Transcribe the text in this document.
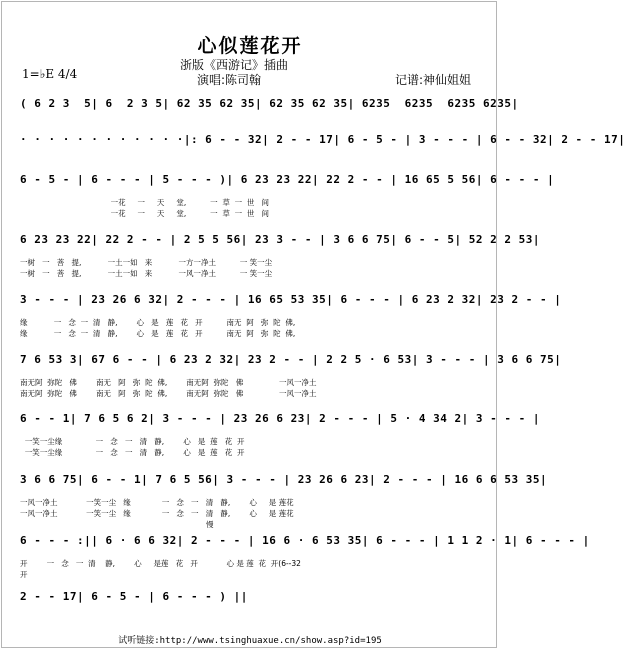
心似莲花开
浙版《西游记》插曲
1=♭E 4/4	演唱:陈司翰	记谱:神仙姐姐
( 6 2 3  5| 6  2 3 5| 62 35 62 35| 62 35 62 35| 6235  6235  6235 6235|
· · · · · · · · · · · ·|: 6 - - 32| 2 - - 17| 6 - 5 - | 3 - - - | 6 - - 32| 2 - - 17|
6 - 5 - | 6 - - - | 5 - - - )| 6 23 23 22| 22 2 - - | 16 65 5 56| 6 - - - |
一花     一     天     堂,          一  草  一  世   间
一花     一     天     堂,          一  草  一  世   间
6 23 23 22| 22 2 - - | 2 5 5 56| 23 3 - - | 3 6 6 75| 6 - - 5| 52 2 2 53|
一树   一   菩   提,           一土一如   来           一方一净土          一 笑一尘
一树   一   菩   提,           一土一如   来           一风一净土          一 笑一尘
3 - - - | 23 26 6 32| 2 - - - | 16 65 53 35| 6 - - - | 6 23 2 32| 23 2 - - |
缘           一   念  一  清   静,        心   是   莲   花   开          南无  阿   弥  陀  佛,
缘           一   念  一  清   静,        心   是   莲   花   开          南无  阿   弥  陀  佛,
7 6 53 3| 67 6 - - | 6 23 2 32| 23 2 - - | 2 2 5 · 6 53| 3 - - - | 3 6 6 75|
南无阿  弥陀   佛        南无   阿   弥  陀  佛,        南无阿  弥陀   佛               一风一净土
南无阿  弥陀   佛        南无   阿   弥  陀  佛,        南无阿  弥陀   佛               一风一净土
6 - - 1| 7 6 5 6 2| 3 - - - | 23 26 6 23| 2 - - - | 5 · 4 34 2| 3 - - - |
一笑一尘缘              一   念   一   清   静,        心   是  莲   花  开
一笑一尘缘              一   念   一   清   静,        心   是  莲   花  开
3 6 6 75| 6 - - 1| 7 6 5 56| 3 - - - | 23 26 6 23| 2 - - - | 16 6 6 53 35|
一风一净土            一笑一尘   缘             一   念   一   清   静,        心     是 莲花
一风一净土            一笑一尘   缘             一   念   一   清   静,        心     是 莲花
慢
6 - - - :|| 6 · 6 6 32| 2 - - - | 16 6 · 6 53 35| 6 - - - | 1 1 2 · 1| 6 - - - |
开        一   念   一  清    静,        心     是莲   花   开            心 是 莲  花  开(6--32
开
2 - - 17| 6 - 5 - | 6 - - - ) ||
试听链接:http://www.tsinghuaxue.cn/show.asp?id=195
